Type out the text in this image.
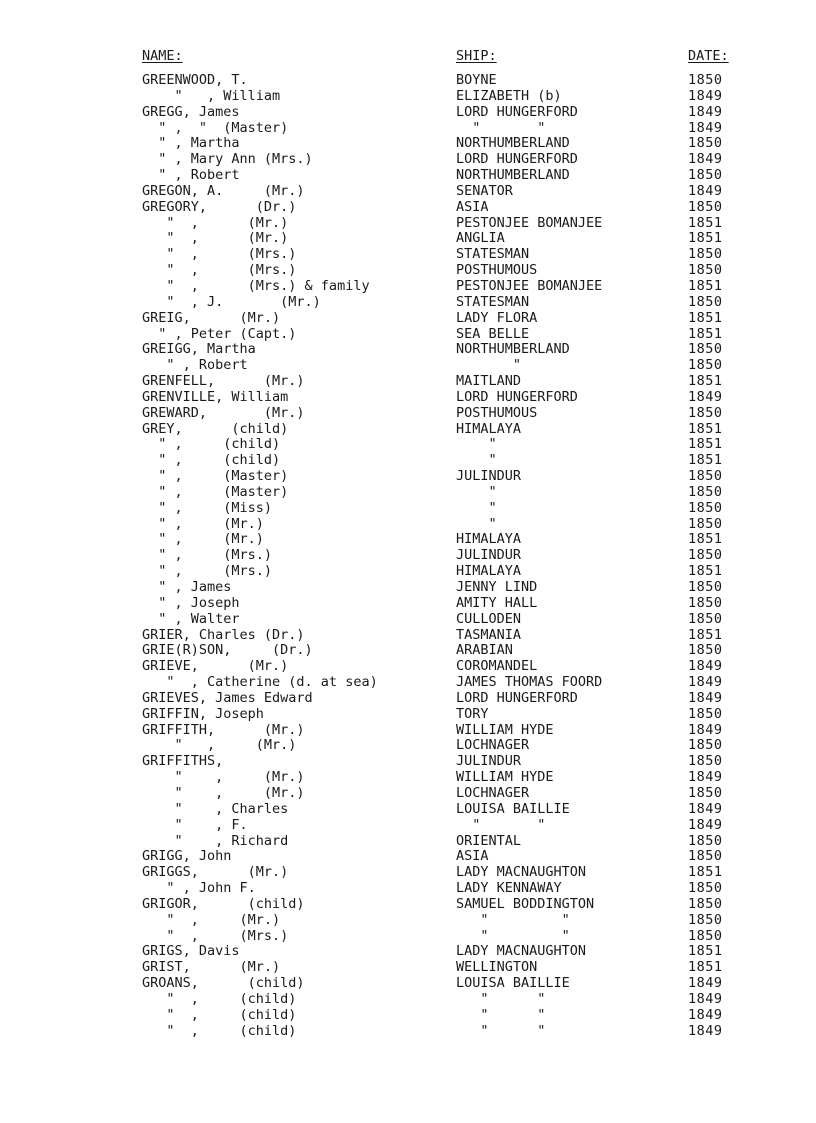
NAME:	SHIP:	DATE:
GREENWOOD, T.	BOYNE	1850
"   , William	ELIZABETH (b)	1849
GREGG, James	LORD HUNGERFORD	1849
" ,  "  (Master)	"       "	1849
" , Martha	NORTHUMBERLAND	1850
" , Mary Ann (Mrs.)	LORD HUNGERFORD	1849
" , Robert	NORTHUMBERLAND	1850
GREGON, A.     (Mr.)	SENATOR	1849
GREGORY,      (Dr.)	ASIA	1850
"  ,      (Mr.)	PESTONJEE BOMANJEE	1851
"  ,      (Mr.)	ANGLIA	1851
"  ,      (Mrs.)	STATESMAN	1850
"  ,      (Mrs.)	POSTHUMOUS	1850
"  ,      (Mrs.) & family	PESTONJEE BOMANJEE	1851
"  , J.       (Mr.)	STATESMAN	1850
GREIG,      (Mr.)	LADY FLORA	1851
" , Peter (Capt.)	SEA BELLE	1851
GREIGG, Martha	NORTHUMBERLAND	1850
" , Robert	"	1850
GRENFELL,      (Mr.)	MAITLAND	1851
GRENVILLE, William	LORD HUNGERFORD	1849
GREWARD,       (Mr.)	POSTHUMOUS	1850
GREY,      (child)	HIMALAYA	1851
" ,     (child)	"	1851
" ,     (child)	"	1851
" ,     (Master)	JULINDUR	1850
" ,     (Master)	"	1850
" ,     (Miss)	"	1850
" ,     (Mr.)	"	1850
" ,     (Mr.)	HIMALAYA	1851
" ,     (Mrs.)	JULINDUR	1850
" ,     (Mrs.)	HIMALAYA	1851
" , James	JENNY LIND	1850
" , Joseph	AMITY HALL	1850
" , Walter	CULLODEN	1850
GRIER, Charles (Dr.)	TASMANIA	1851
GRIE(R)SON,     (Dr.)	ARABIAN	1850
GRIEVE,      (Mr.)	COROMANDEL	1849
"  , Catherine (d. at sea)	JAMES THOMAS FOORD	1849
GRIEVES, James Edward	LORD HUNGERFORD	1849
GRIFFIN, Joseph	TORY	1850
GRIFFITH,      (Mr.)	WILLIAM HYDE	1849
"   ,     (Mr.)	LOCHNAGER	1850
GRIFFITHS,	JULINDUR	1850
"    ,     (Mr.)	WILLIAM HYDE	1849
"    ,     (Mr.)	LOCHNAGER	1850
"    , Charles	LOUISA BAILLIE	1849
"    , F.	"       "	1849
"    , Richard	ORIENTAL	1850
GRIGG, John	ASIA	1850
GRIGGS,      (Mr.)	LADY MACNAUGHTON	1851
" , John F.	LADY KENNAWAY	1850
GRIGOR,      (child)	SAMUEL BODDINGTON	1850
"  ,     (Mr.)	"         "	1850
"  ,     (Mrs.)	"         "	1850
GRIGS, Davis	LADY MACNAUGHTON	1851
GRIST,      (Mr.)	WELLINGTON	1851
GROANS,      (child)	LOUISA BAILLIE	1849
"  ,     (child)	"      "	1849
"  ,     (child)	"      "	1849
"  ,     (child)	"      "	1849
